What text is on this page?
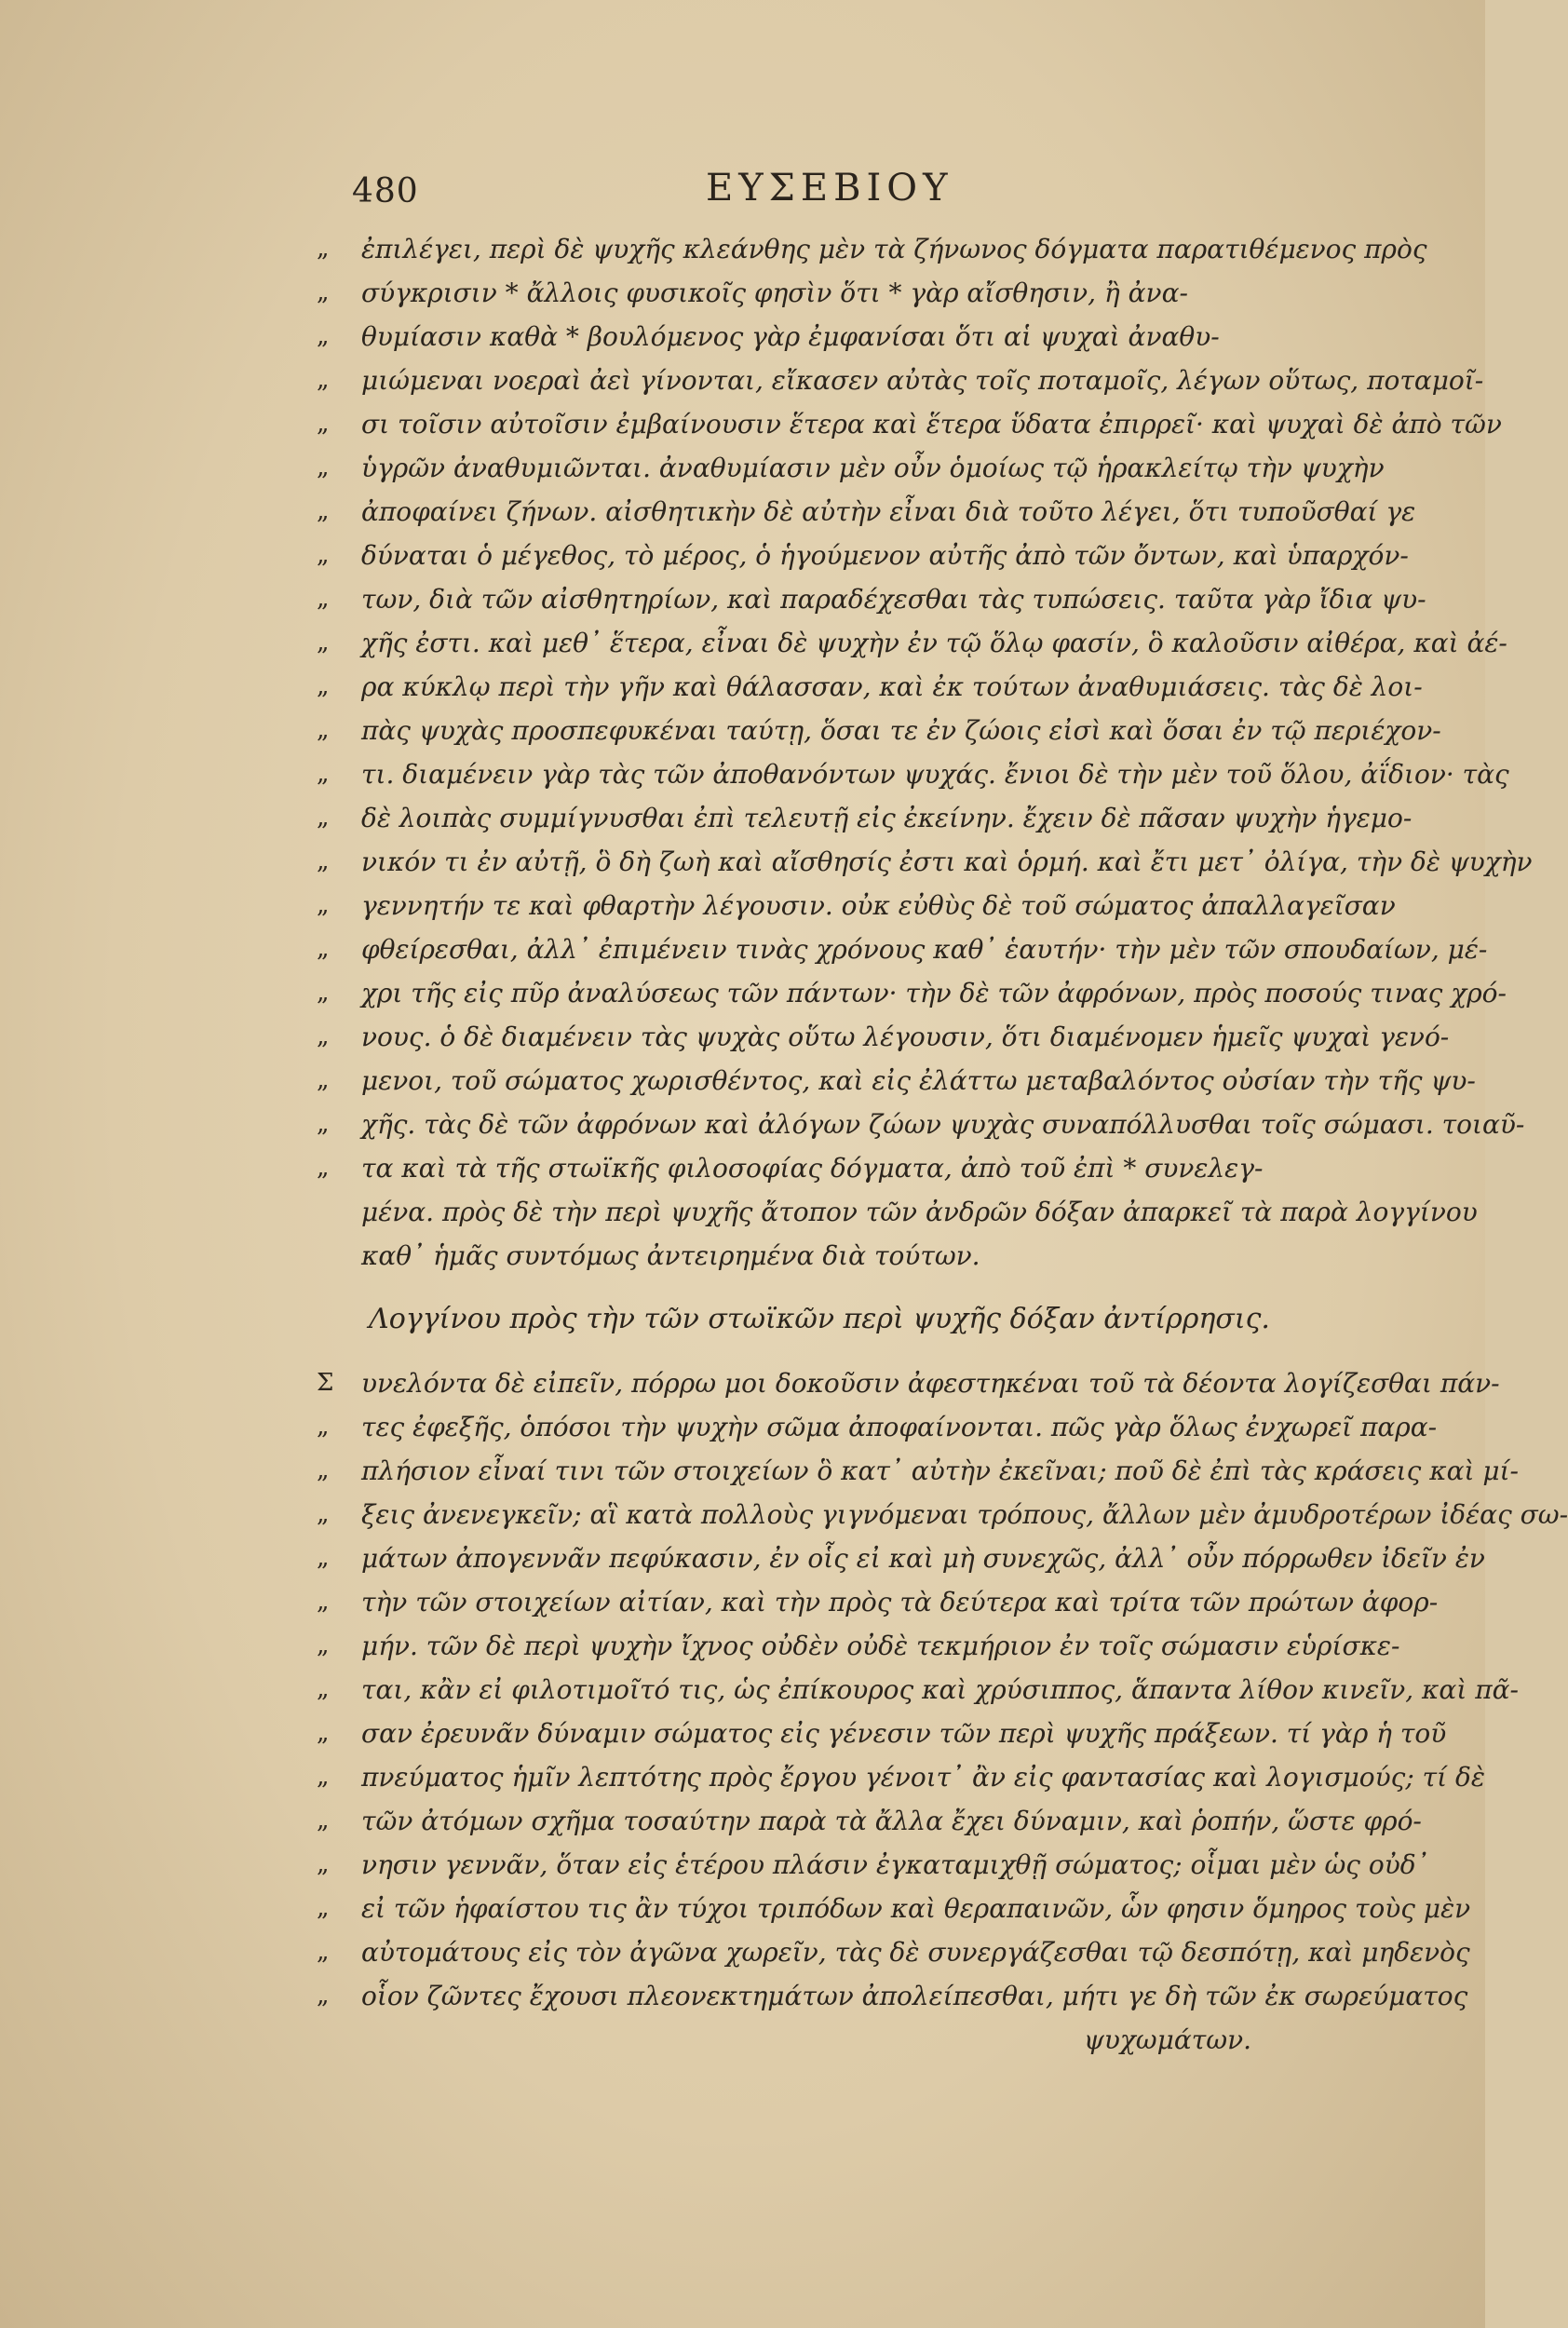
480	ΕΥΣΕΒΙΟΥ
„	ἐπιλέγει, περὶ δὲ ψυχῆς κλεάνθης μὲν τὰ ζήνωνος δόγματα παρατιθέμενος πρὸς
„	σύγκρισιν * ἄλλοις φυσικοῖς φησὶν ὅτι * γὰρ αἴσθησιν, ἢ ἀνα-
„	θυμίασιν καθὰ * βουλόμενος γὰρ ἐμφανίσαι ὅτι αἱ ψυχαὶ ἀναθυ-
„	μιώμεναι νοεραὶ ἀεὶ γίνονται, εἴκασεν αὐτὰς τοῖς ποταμοῖς, λέγων οὕτως, ποταμοῖ-
„	σι τοῖσιν αὐτοῖσιν ἐμβαίνουσιν ἕτερα καὶ ἕτερα ὕδατα ἐπιρρεῖ· καὶ ψυχαὶ δὲ ἀπὸ τῶν
„	ὑγρῶν ἀναθυμιῶνται. ἀναθυμίασιν μὲν οὖν ὁμοίως τῷ ἡρακλείτῳ τὴν ψυχὴν
„	ἀποφαίνει ζήνων. αἰσθητικὴν δὲ αὐτὴν εἶναι διὰ τοῦτο λέγει, ὅτι τυποῦσθαί γε
„	δύναται ὁ μέγεθος, τὸ μέρος, ὁ ἡγούμενον αὐτῆς ἀπὸ τῶν ὄντων, καὶ ὑπαρχόν-
„	των, διὰ τῶν αἰσθητηρίων, καὶ παραδέχεσθαι τὰς τυπώσεις. ταῦτα γὰρ ἴδια ψυ-
„	χῆς ἐστι. καὶ μεθ᾽ ἕτερα, εἶναι δὲ ψυχὴν ἐν τῷ ὅλῳ φασίν, ὃ καλοῦσιν αἰθέρα, καὶ ἀέ-
„	ρα κύκλῳ περὶ τὴν γῆν καὶ θάλασσαν, καὶ ἐκ τούτων ἀναθυμιάσεις. τὰς δὲ λοι-
„	πὰς ψυχὰς προσπεφυκέναι ταύτῃ, ὅσαι τε ἐν ζώοις εἰσὶ καὶ ὅσαι ἐν τῷ περιέχον-
„	τι. διαμένειν γὰρ τὰς τῶν ἀποθανόντων ψυχάς. ἔνιοι δὲ τὴν μὲν τοῦ ὅλου, ἀΐδιον· τὰς
„	δὲ λοιπὰς συμμίγνυσθαι ἐπὶ τελευτῇ εἰς ἐκείνην. ἔχειν δὲ πᾶσαν ψυχὴν ἡγεμο-
„	νικόν τι ἐν αὐτῇ, ὃ δὴ ζωὴ καὶ αἴσθησίς ἐστι καὶ ὁρμή. καὶ ἔτι μετ᾽ ὀλίγα, τὴν δὲ ψυχὴν
„	γεννητήν τε καὶ φθαρτὴν λέγουσιν. οὐκ εὐθὺς δὲ τοῦ σώματος ἀπαλλαγεῖσαν
„	φθείρεσθαι, ἀλλ᾽ ἐπιμένειν τινὰς χρόνους καθ᾽ ἑαυτήν· τὴν μὲν τῶν σπουδαίων, μέ-
„	χρι τῆς εἰς πῦρ ἀναλύσεως τῶν πάντων· τὴν δὲ τῶν ἀφρόνων, πρὸς ποσούς τινας χρό-
„	νους. ὁ δὲ διαμένειν τὰς ψυχὰς οὕτω λέγουσιν, ὅτι διαμένομεν ἡμεῖς ψυχαὶ γενό-
„	μενοι, τοῦ σώματος χωρισθέντος, καὶ εἰς ἐλάττω μεταβαλόντος οὐσίαν τὴν τῆς ψυ-
„	χῆς. τὰς δὲ τῶν ἀφρόνων καὶ ἀλόγων ζώων ψυχὰς συναπόλλυσθαι τοῖς σώμασι. τοιαῦ-
„	τα καὶ τὰ τῆς στωϊκῆς φιλοσοφίας δόγματα, ἀπὸ τοῦ ἐπὶ * συνελεγ-
μένα. πρὸς δὲ τὴν περὶ ψυχῆς ἄτοπον τῶν ἀνδρῶν δόξαν ἀπαρκεῖ τὰ παρὰ λογγίνου
καθ᾽ ἡμᾶς συντόμως ἀντειρημένα διὰ τούτων.
Λογγίνου πρὸς τὴν τῶν στωϊκῶν περὶ ψυχῆς δόξαν ἀντίρρησις.
Σ	υνελόντα δὲ εἰπεῖν, πόρρω μοι δοκοῦσιν ἀφεστηκέναι τοῦ τὰ δέοντα λογίζεσθαι πάν-
„	τες ἐφεξῆς, ὁπόσοι τὴν ψυχὴν σῶμα ἀποφαίνονται. πῶς γὰρ ὅλως ἐνχωρεῖ παρα-
„	πλήσιον εἶναί τινι τῶν στοιχείων ὃ κατ᾽ αὐτὴν ἐκεῖναι; ποῦ δὲ ἐπὶ τὰς κράσεις καὶ μί-
„	ξεις ἀνενεγκεῖν; αἳ κατὰ πολλοὺς γιγνόμεναι τρόπους, ἄλλων μὲν ἀμυδροτέρων ἰδέας σω-
„	μάτων ἀπογεννᾶν πεφύκασιν, ἐν οἷς εἰ καὶ μὴ συνεχῶς, ἀλλ᾽ οὖν πόρρωθεν ἰδεῖν ἐν
„	τὴν τῶν στοιχείων αἰτίαν, καὶ τὴν πρὸς τὰ δεύτερα καὶ τρίτα τῶν πρώτων ἀφορ-
„	μήν. τῶν δὲ περὶ ψυχὴν ἴχνος οὐδὲν οὐδὲ τεκμήριον ἐν τοῖς σώμασιν εὑρίσκε-
„	ται, κἂν εἰ φιλοτιμοῖτό τις, ὡς ἐπίκουρος καὶ χρύσιππος, ἅπαντα λίθον κινεῖν, καὶ πᾶ-
„	σαν ἐρευνᾶν δύναμιν σώματος εἰς γένεσιν τῶν περὶ ψυχῆς πράξεων. τί γὰρ ἡ τοῦ
„	πνεύματος ἡμῖν λεπτότης πρὸς ἔργου γένοιτ᾽ ἂν εἰς φαντασίας καὶ λογισμούς; τί δὲ
„	τῶν ἀτόμων σχῆμα τοσαύτην παρὰ τὰ ἄλλα ἔχει δύναμιν, καὶ ῥοπήν, ὥστε φρό-
„	νησιν γεννᾶν, ὅταν εἰς ἑτέρου πλάσιν ἐγκαταμιχθῇ σώματος; οἷμαι μὲν ὡς οὐδ᾽
„	εἰ τῶν ἡφαίστου τις ἂν τύχοι τριπόδων καὶ θεραπαινῶν, ὧν φησιν ὅμηρος τοὺς μὲν
„	αὐτομάτους εἰς τὸν ἀγῶνα χωρεῖν, τὰς δὲ συνεργάζεσθαι τῷ δεσπότῃ, καὶ μηδενὸς
„	οἷον ζῶντες ἔχουσι πλεονεκτημάτων ἀπολείπεσθαι, μήτι γε δὴ τῶν ἐκ σωρεύματος
ψυχωμάτων.
